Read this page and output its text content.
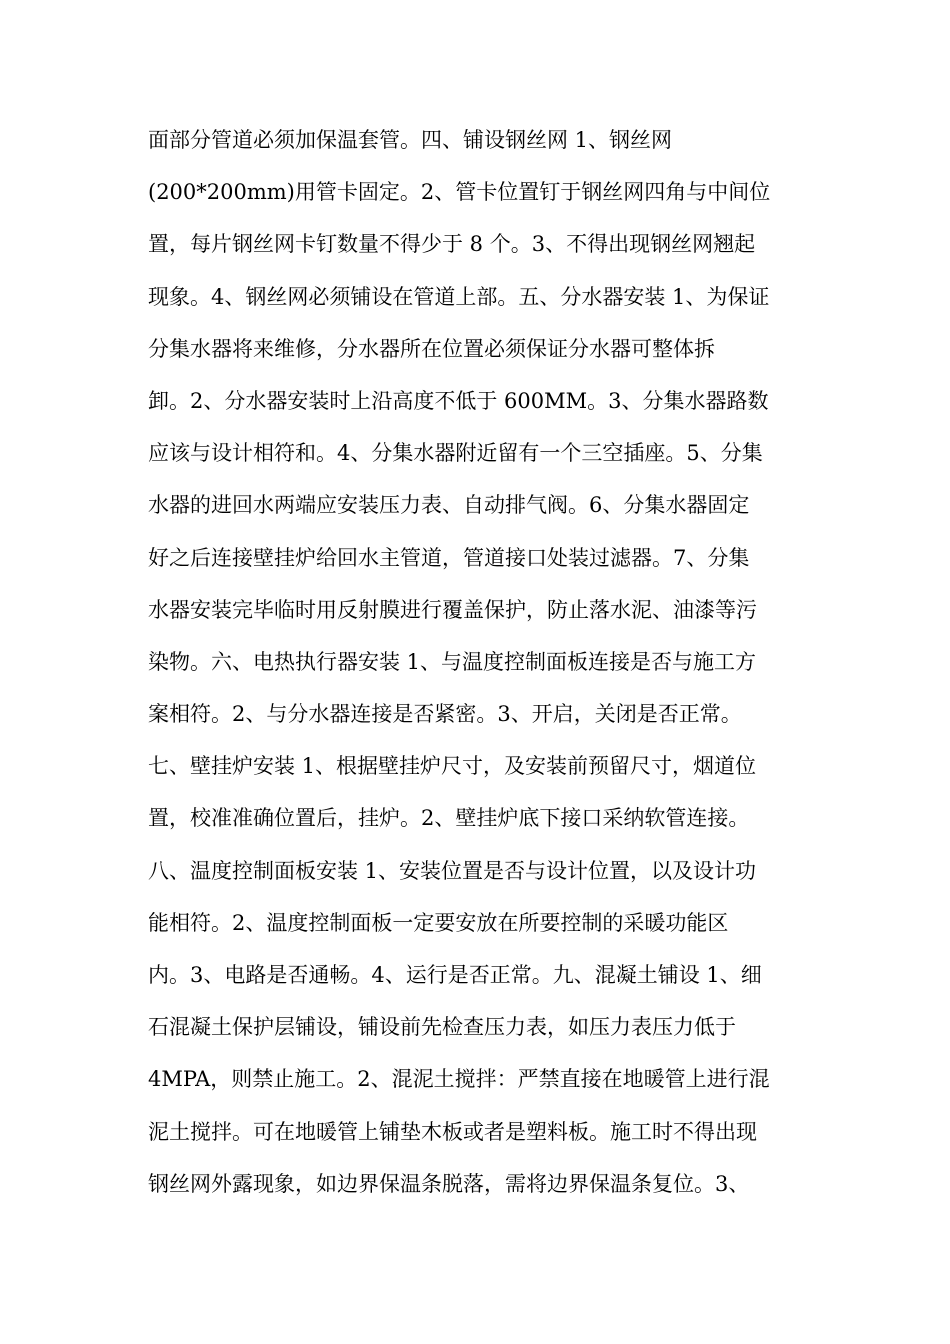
面部分管道必须加保温套管。四、铺设钢丝网 1、钢丝网
(200*200mm)用管卡固定。2、管卡位置钉于钢丝网四角与中间位
置，每片钢丝网卡钉数量不得少于 8 个。3、不得出现钢丝网翘起
现象。4、钢丝网必须铺设在管道上部。五、分水器安装 1、为保证
分集水器将来维修，分水器所在位置必须保证分水器可整体拆
卸。2、分水器安装时上沿高度不低于 600MM。3、分集水器路数
应该与设计相符和。4、分集水器附近留有一个三空插座。5、分集
水器的进回水两端应安装压力表、自动排气阀。6、分集水器固定
好之后连接壁挂炉给回水主管道，管道接口处装过滤器。7、分集
水器安装完毕临时用反射膜进行覆盖保护，防止落水泥、油漆等污
染物。六、电热执行器安装 1、与温度控制面板连接是否与施工方
案相符。2、与分水器连接是否紧密。3、开启，关闭是否正常。
七、壁挂炉安装 1、根据壁挂炉尺寸，及安装前预留尺寸，烟道位
置，校准准确位置后，挂炉。2、壁挂炉底下接口采纳软管连接。
八、温度控制面板安装 1、安装位置是否与设计位置，以及设计功
能相符。2、温度控制面板一定要安放在所要控制的采暖功能区
内。3、电路是否通畅。4、运行是否正常。九、混凝土铺设 1、细
石混凝土保护层铺设，铺设前先检查压力表，如压力表压力低于
4MPA，则禁止施工。2、混泥土搅拌：严禁直接在地暖管上进行混
泥土搅拌。可在地暖管上铺垫木板或者是塑料板。施工时不得出现
钢丝网外露现象，如边界保温条脱落，需将边界保温条复位。3、
